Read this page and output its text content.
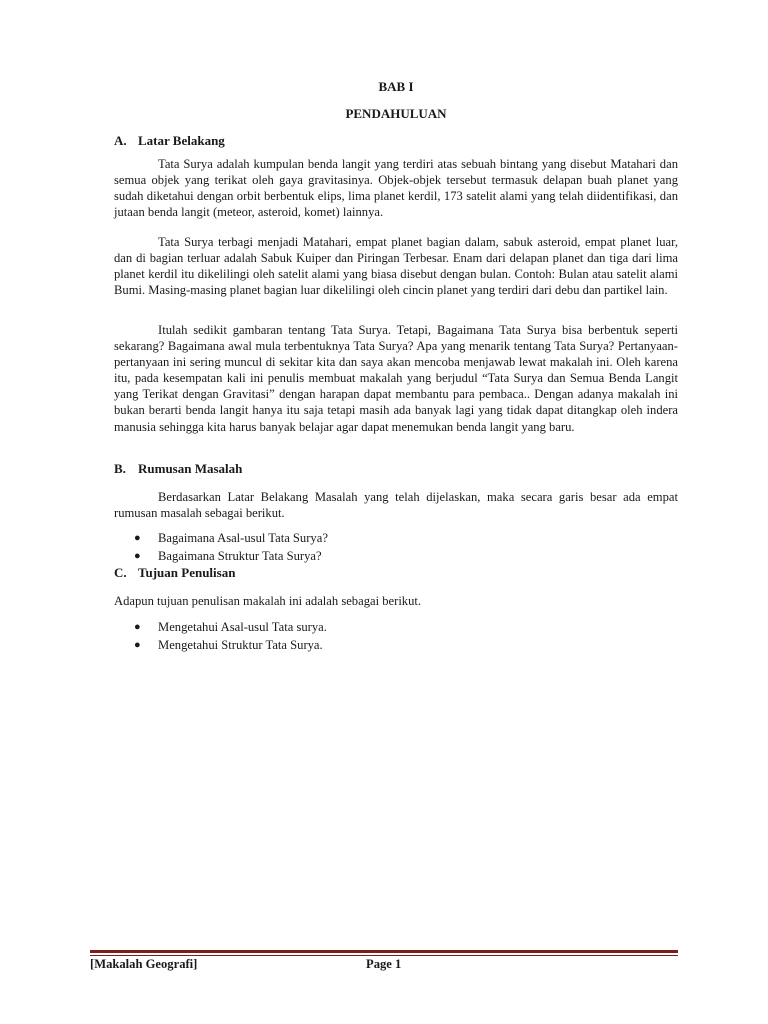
BAB I
PENDAHULUAN
A. Latar Belakang

Tata Surya adalah kumpulan benda langit yang terdiri atas sebuah bintang yang disebut Matahari dan semua objek yang terikat oleh gaya gravitasinya. Objek-objek tersebut termasuk delapan buah planet yang sudah diketahui dengan orbit berbentuk elips, lima planet kerdil, 173 satelit alami yang telah diidentifikasi, dan jutaan benda langit (meteor, asteroid, komet) lainnya.

Tata Surya terbagi menjadi Matahari, empat planet bagian dalam, sabuk asteroid, empat planet luar, dan di bagian terluar adalah Sabuk Kuiper dan Piringan Terbesar. Enam dari delapan planet dan tiga dari lima planet kerdil itu dikelilingi oleh satelit alami yang biasa disebut dengan bulan. Contoh: Bulan atau satelit alami Bumi. Masing-masing planet bagian luar dikelilingi oleh cincin planet yang terdiri dari debu dan partikel lain.

Itulah sedikit gambaran tentang Tata Surya. Tetapi, Bagaimana Tata Surya bisa berbentuk seperti sekarang? Bagaimana awal mula terbentuknya Tata Surya? Apa yang menarik tentang Tata Surya? Pertanyaan-pertanyaan ini sering muncul di sekitar kita dan saya akan mencoba menjawab lewat makalah ini. Oleh karena itu, pada kesempatan kali ini penulis membuat makalah yang berjudul “Tata Surya dan Semua Benda Langit yang Terikat dengan Gravitasi” dengan harapan dapat membantu para pembaca.. Dengan adanya makalah ini bukan berarti benda langit hanya itu saja tetapi masih ada banyak lagi yang tidak dapat ditangkap oleh indera manusia sehingga kita harus banyak belajar agar dapat menemukan benda langit yang baru.

B. Rumusan Masalah

Berdasarkan Latar Belakang Masalah yang telah dijelaskan, maka secara garis besar ada empat rumusan masalah sebagai berikut.

● Bagaimana Asal-usul Tata Surya?
● Bagaimana Struktur Tata Surya?
C. Tujuan Penulisan

Adapun tujuan penulisan makalah ini adalah sebagai berikut.

● Mengetahui Asal-usul Tata surya.
● Mengetahui Struktur Tata Surya.
[Makalah Geografi]	Page 1
